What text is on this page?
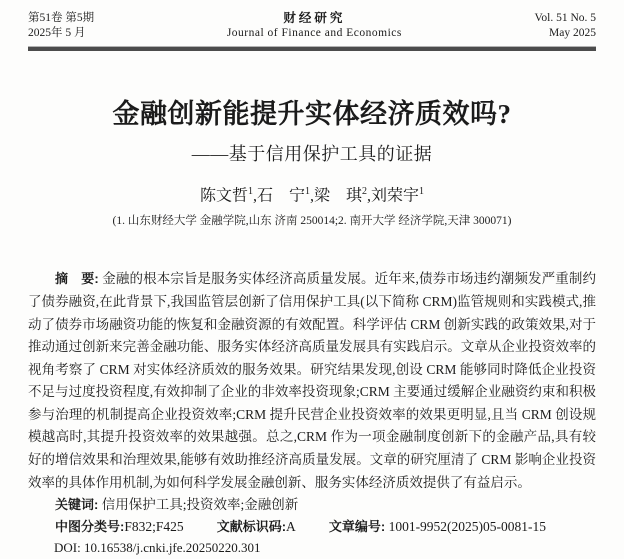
第51卷 第5期
2025年 5 月
财经研究
Journal of Finance and Economics
Vol. 51 No. 5
May 2025
金融创新能提升实体经济质效吗?
——基于信用保护工具的证据
陈文哲$^1$,石　宁$^1$,梁　琪$^2$,刘荣宇$^1$
(1. 山东财经大学 金融学院,山东 济南 250014;2. 南开大学 经济学院,天津 300071)

摘　要: 金融的根本宗旨是服务实体经济高质量发展。近年来,债券市场违约潮频发严重制约了债券融资,在此背景下,我国监管层创新了信用保护工具(以下简称 CRM)监管规则和实践模式,推动了债券市场融资功能的恢复和金融资源的有效配置。科学评估 CRM 创新实践的政策效果,对于推动通过创新来完善金融功能、服务实体经济高质量发展具有实践启示。文章从企业投资效率的视角考察了 CRM 对实体经济质效的服务效果。研究结果发现,创设 CRM 能够同时降低企业投资不足与过度投资程度,有效抑制了企业的非效率投资现象;CRM 主要通过缓解企业融资约束和积极参与治理的机制提高企业投资效率;CRM 提升民营企业投资效率的效果更明显,且当 CRM 创设规模越高时,其提升投资效率的效果越强。总之,CRM 作为一项金融制度创新下的金融产品,具有较好的增信效果和治理效果,能够有效助推经济高质量发展。文章的研究厘清了 CRM 影响企业投资效率的具体作用机制,为如何科学发展金融创新、服务实体经济质效提供了有益启示。

关键词: 信用保护工具;投资效率;金融创新
中图分类号:F832;F425	文献标识码:A	文章编号: 1001-9952(2025)05-0081-15
DOI: 10.16538/j.cnki.jfe.20250220.301
